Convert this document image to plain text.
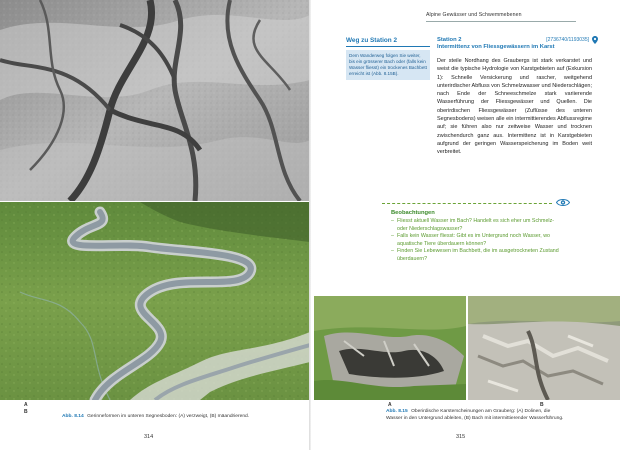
A
B
Abb. 8.14 Gerinneformen im unteren Segnesboden: (A) verzweigt, (B) mäandrierend.
314
Alpine Gewässer und Schwemmebenen
Weg zu Station 2
Dem Wanderweg folgen Sie weiter, bis ein grösserer Bach oder (falls kein Wasser fliesst) ein trockenes Bachbett erreicht ist (Abb. 8.15B).
Station 2	[2736740/1193035]
Intermittenz von Fliessgewässern im Karst
Der steile Nordhang des Graubergs ist stark verkarstet und weist die typische Hydrologie von Karstgebieten auf (Exkursion 1): Schnelle Versickerung und rascher, weitgehend unterirdischer Abfluss von Schmelzwasser und Niederschlägen; nach Ende der Schneeschmelze stark variierende Wasserführung der Fliessgewässer und Quellen. Die oberirdischen Fliessgewässer (Zuflüsse des unteren Segnesbodens) weisen alle ein intermittierendes Abflussregime auf; sie führen also nur zeitweise Wasser und trocknen zwischendurch ganz aus. Intermittenz ist in Karstgebieten aufgrund der geringen Wasserspeicherung im Boden weit verbreitet.
Beobachtungen
– Fliesst aktuell Wasser im Bach? Handelt es sich eher um Schmelz- oder Niederschlagswasser?
– Falls kein Wasser fliesst: Gibt es im Untergrund noch Wasser, wo aquatische Tiere überdauern können?
– Finden Sie Lebewesen im Bachbett, die im ausgetrockneten Zustand überdauern?
A	B
Abb. 8.15 Oberirdische Karsterscheinungen am Grauberg: (A) Dolinen, die Wasser in den Untergrund ableiten, (B) Bach mit intermittierender Wasserführung.
315
